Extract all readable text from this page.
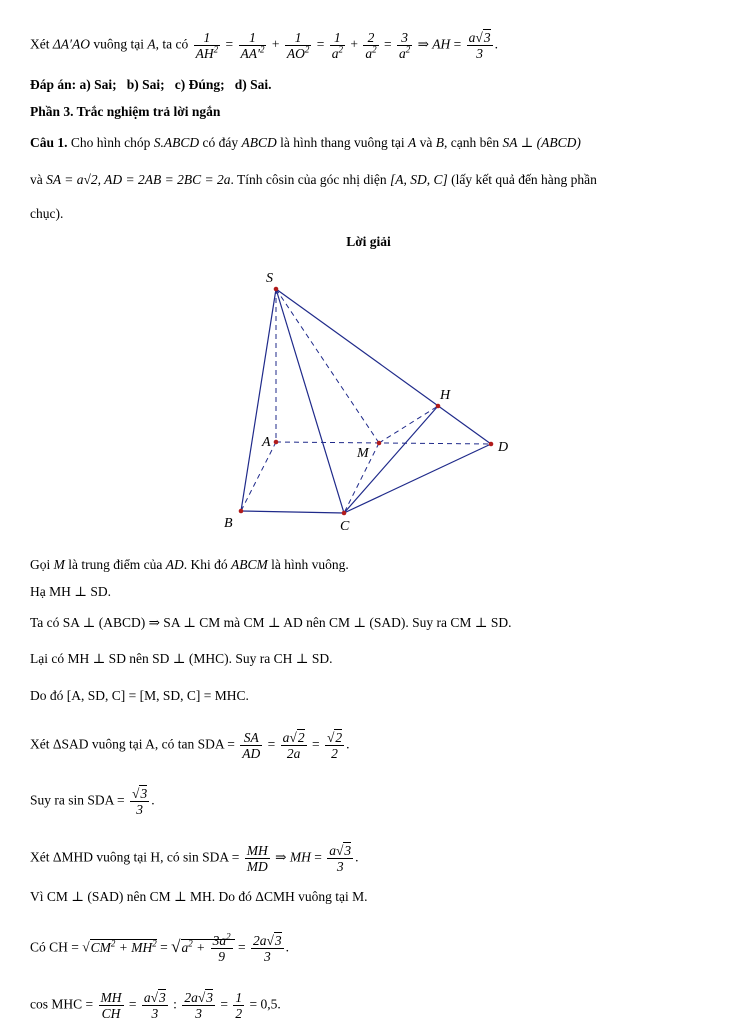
Xét ΔA′AO vuông tại A, ta có $\frac{1}{AH^2} = \frac{1}{AA'^2} + \frac{1}{AO^2} = \frac{1}{a^2} + \frac{2}{a^2} = \frac{3}{a^2}$ ⇒ AH = $\frac{a√3}{3}$ .
Đáp án: a) Sai; b) Sai; c) Đúng; d) Sai.
Phần 3. Trắc nghiệm trả lời ngắn
Câu 1. Cho hình chóp S.ABCD có đáy ABCD là hình thang vuông tại A và B, cạnh bên SA ⊥ (ABCD)
và SA = a√2, AD = 2AB = 2BC = 2a. Tính côsin của góc nhị diện [A, SD, C] (lấy kết quả đến hàng phần
chục).
Lời giải
S
H
A
M	D
B	C
Gọi M là trung điểm của AD. Khi đó ABCM là hình vuông.
Hạ MH ⊥ SD.
Ta có SA ⊥ (ABCD) ⇒ SA ⊥ CM mà CM ⊥ AD nên CM ⊥ (SAD). Suy ra CM ⊥ SD.
Lại có MH ⊥ SD nên SD ⊥ (MHC). Suy ra CH ⊥ SD.
Do đó [A, SD, C] = [M, SD, C] = MHC.
Xét ΔSAD vuông tại A, có tan SDA = $\frac{SA}{AD} = \frac{a√2}{2a} = \frac{√2}{2}$ .
Suy ra sin SDA = $\frac{√3}{3}$ .
Xét ΔMHD vuông tại H, có sin SDA = $\frac{MH}{MD}$ ⇒ MH = $\frac{a√3}{3}$ .
Vì CM ⊥ (SAD) nên CM ⊥ MH. Do đó ΔCMH vuông tại M.
Có CH = $√CM^2 + MH^2 = √a^2 + \frac{3a^2}{9} = \frac{2a√3}{3}$ .
cos MHC = $\frac{MH}{CH} = \frac{a√3}{3}$ : $\frac{2a√3}{3} = \frac{1}{2} = 0,5$.
